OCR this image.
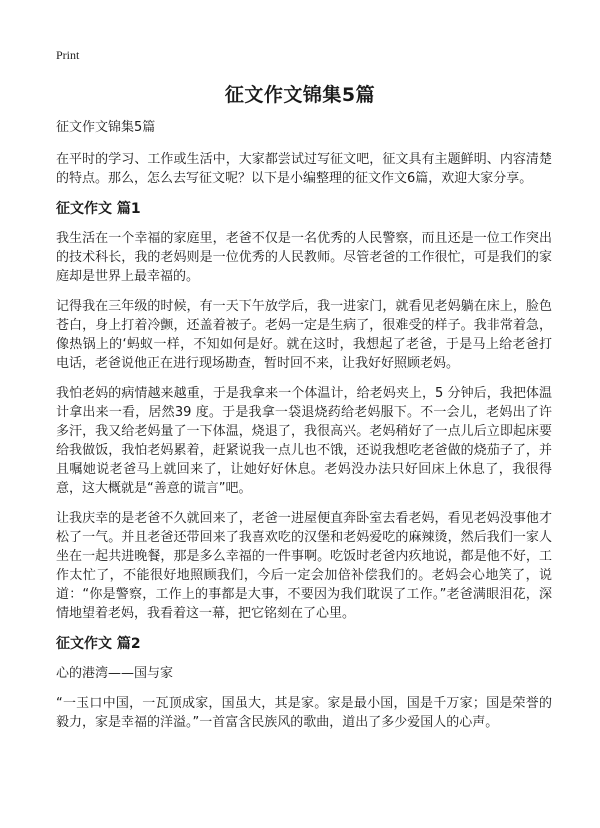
Print
征文作文锦集5篇

征文作文锦集5篇

在平时的学习、工作或生活中，大家都尝试过写征文吧，征文具有主题鲜明、内容清楚的特点。那么，怎么去写征文呢？以下是小编整理的征文作文6篇，欢迎大家分享。

征文作文 篇1

我生活在一个幸福的家庭里，老爸不仅是一名优秀的人民警察，而且还是一位工作突出的技术科长，我的老妈则是一位优秀的人民教师。尽管老爸的工作很忙，可是我们的家庭却是世界上最幸福的。

记得我在三年级的时候，有一天下午放学后，我一进家门，就看见老妈躺在床上，脸色苍白，身上打着冷颤，还盖着被子。老妈一定是生病了，很难受的样子。我非常着急，像热锅上的‘蚂蚁一样，不知如何是好。就在这时，我想起了老爸，于是马上给老爸打电话，老爸说他正在进行现场勘查，暂时回不来，让我好好照顾老妈。

我怕老妈的病情越来越重，于是我拿来一个体温计，给老妈夹上，5 分钟后，我把体温计拿出来一看，居然39 度。于是我拿一袋退烧药给老妈服下。不一会儿，老妈出了许多汗，我又给老妈量了一下体温，烧退了，我很高兴。老妈稍好了一点儿后立即起床要给我做饭，我怕老妈累着，赶紧说我一点儿也不饿，还说我想吃老爸做的烧茄子了，并且嘱她说老爸马上就回来了，让她好好休息。老妈没办法只好回床上休息了，我很得意，这大概就是“善意的谎言”吧。

让我庆幸的是老爸不久就回来了，老爸一进屋便直奔卧室去看老妈，看见老妈没事他才松了一气。并且老爸还带回来了我喜欢吃的汉堡和老妈爱吃的麻辣烫，然后我们一家人坐在一起共进晚餐，那是多么幸福的一件事啊。吃饭时老爸内疚地说，都是他不好，工作太忙了，不能很好地照顾我们，今后一定会加倍补偿我们的。老妈会心地笑了，说道：“你是警察，工作上的事都是大事，不要因为我们耽误了工作。”老爸满眼泪花，深情地望着老妈，我看着这一幕，把它铭刻在了心里。

征文作文 篇2

心的港湾——国与家

“一玉口中国，一瓦顶成家，国虽大，其是家。家是最小国，国是千万家；国是荣誉的毅力，家是幸福的洋溢。”一首富含民族风的歌曲，道出了多少爱国人的心声。
